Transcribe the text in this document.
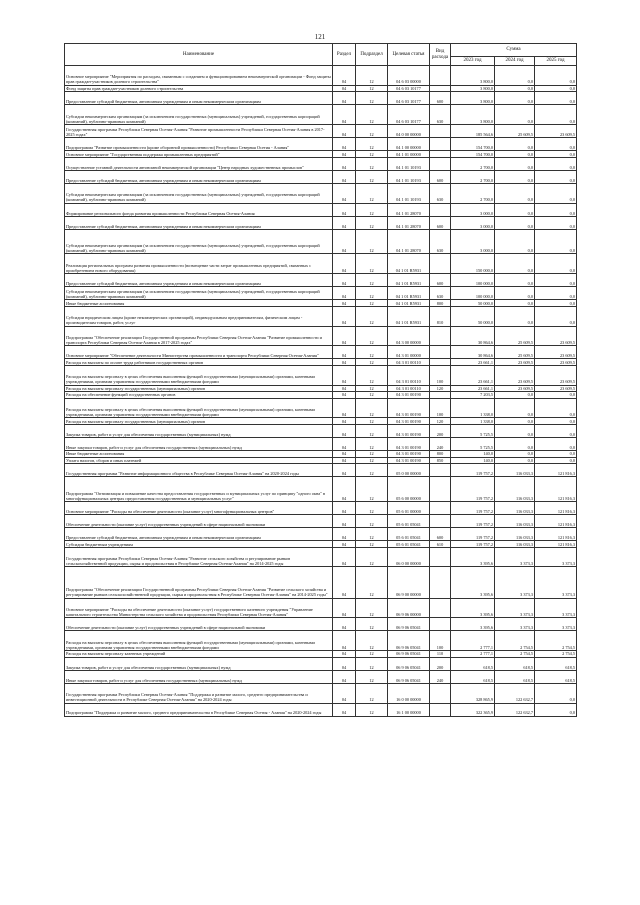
121
Наименование	Раздел	Подраздел	Целевая статья	Вид расхода	Сумма		
					2023 год	2024 год	2025 год
Основное мероприятие "Мероприятия по расходам, связанным с созданием и функционированием некоммерческой организации - Фонд защиты прав граждан-участников долевого строительства"	04	12	04 6 03 00000		3 800,0	0,0	0,0
Фонд защиты прав граждан-участников долевого строительства	04	12	04 6 03 10177		3 800,0	0,0	0,0
Предоставление субсидий бюджетным, автономным учреждениям и иным некоммерческим организациям	04	12	04 6 03 10177	600	3 800,0	0,0	0,0
Субсидии некоммерческим организациям (за исключением государственных (муниципальных) учреждений, государственных корпораций (компаний), публично-правовых компаний)	04	12	04 6 03 10177	630	3 800,0	0,0	0,0
Государственная программа Республики Северная Осетия-Алания "Развитие промышленности Республики Северная Осетия-Алания в 2017-2025 годах"	04	12	04 0 00 00000		185 564,6	25 609,5	23 609,5
Подпрограмма "Развитие промышленности (кроме оборонной промышленности) Республики Северная Осетия - Алания"	04	12	04 1 00 00000		154 700,0	0,0	0,0
Основное мероприятие "Государственная поддержка промышленных предприятий"	04	12	04 1 01 00000		154 700,0	0,0	0,0
Осуществление уставной деятельности автономной некоммерческой организации "Центр народных художественных промыслов"	04	12	04 1 01 10193		2 700,0	0,0	0,0
Предоставление субсидий бюджетным, автономным учреждениям и иным некоммерческим организациям	04	12	04 1 01 10193	600	2 700,0	0,0	0,0
Субсидии некоммерческим организациям (за исключением государственных (муниципальных) учреждений, государственных корпораций (компаний), публично-правовых компаний)	04	12	04 1 01 10193	630	2 700,0	0,0	0,0
Формирование регионального фонда развития промышленности Республики Северная Осетия-Алания	04	12	04 1 01 28070		3 000,0	0,0	0,0
Предоставление субсидий бюджетным, автономным учреждениям и иным некоммерческим организациям	04	12	04 1 01 28070	600	3 000,0	0,0	0,0
Субсидии некоммерческим организациям (за исключением государственных (муниципальных) учреждений, государственных корпораций (компаний), публично-правовых компаний)	04	12	04 1 01 28070	630	3 000,0	0,0	0,0
Реализация региональных программ развития промышленности (возмещение части затрат промышленных предприятий, связанных с приобретением нового оборудования)	04	12	04 1 01 R5931		150 000,0	0,0	0,0
Предоставление субсидий бюджетным, автономным учреждениям и иным некоммерческим организациям	04	12	04 1 01 R5931	600	100 000,0	0,0	0,0
Субсидии некоммерческим организациям (за исключением государственных (муниципальных) учреждений, государственных корпораций (компаний), публично-правовых компаний)	04	12	04 1 01 R5931	630	100 000,0	0,0	0,0
Иные бюджетные ассигнования	04	12	04 1 01 R5931	800	50 000,0	0,0	0,0
Субсидии юридическим лицам (кроме некоммерческих организаций), индивидуальным предпринимателям, физическим лицам - производителям товаров, работ, услуг	04	12	04 1 01 R5931	810	50 000,0	0,0	0,0
Подпрограмма "Обеспечение реализации Государственной программы Республики Северная Осетия-Алания "Развитие промышленности и транспорта Республики Северная Осетия-Алания в 2017-2025 годах"	04	12	04 3 00 00000		30 864,6	25 609,5	23 609,5
Основное мероприятие "Обеспечение деятельности Министерства промышленности и транспорта Республики Северная Осетия-Алания"	04	12	04 3 01 00000		30 864,6	25 609,5	23 609,5
Расходы на выплаты по оплате труда работников государственных органов	04	12	04 3 01 00110		23 661,1	23 609,5	23 609,5
Расходы на выплаты персоналу в целях обеспечения выполнения функций государственными (муниципальными) органами, казенными учреждениями, органами управления государственными внебюджетными фондами	04	12	04 3 01 00110	100	23 661,1	23 609,5	23 609,5
Расходы на выплаты персоналу государственных (муниципальных) органов	04	12	04 3 01 00110	120	23 661,1	23 609,5	23 609,5
Расходы на обеспечение функций государственных органов	04	12	04 3 01 00190		7 203,5	0,0	0,0
Расходы на выплаты персоналу в целях обеспечения выполнения функций государственными (муниципальными) органами, казенными учреждениями, органами управления государственными внебюджетными фондами	04	12	04 3 01 00190	100	1 338,0	0,0	0,0
Расходы на выплаты персоналу государственных (муниципальных) органов	04	12	04 3 01 00190	120	1 338,0	0,0	0,0
Закупка товаров, работ и услуг для обеспечения государственных (муниципальных) нужд	04	12	04 3 01 00190	200	5 725,5	0,0	0,0
Иные закупки товаров, работ и услуг для обеспечения государственных (муниципальных) нужд	04	12	04 3 01 00190	240	5 725,5	0,0	0,0
Иные бюджетные ассигнования	04	12	04 3 01 00190	800	140,0	0,0	0,0
Уплата налогов, сборов и иных платежей	04	12	04 3 01 00190	850	140,0	0,0	0,0
Государственная программа "Развитие информационного общества в Республике Северная Осетия-Алания" на 2020-2024 годы	04	12	05 0 00 00000		119 757,2	116 033,3	121 816,3
Подпрограмма "Оптимизация и повышение качества предоставления государственных и муниципальных услуг по принципу "одного окна" в многофункциональных центрах предоставления государственных и муниципальных услуг"	04	12	05 6 00 00000		119 757,2	116 033,3	121 816,3
Основное мероприятие "Расходы на обеспечение деятельности (оказание услуг) многофункциональных центров"	04	12	05 6 01 00000		119 757,2	116 033,3	121 816,3
Обеспечение деятельности (оказание услуг) государственных учреждений в сфере национальной экономики	04	12	05 6 01 05041		119 757,2	116 033,3	121 816,3
Предоставление субсидий бюджетным, автономным учреждениям и иным некоммерческим организациям	04	12	05 6 01 05041	600	119 757,2	116 033,3	121 816,3
Субсидии бюджетным учреждениям	04	12	05 6 01 05041	610	119 757,2	116 033,3	121 816,3
Государственная программа Республики Северная Осетия-Алания "Развитие сельского хозяйства и регулирование рынков сельскохозяйственной продукции, сырья и продовольствия в Республике Северная Осетия-Алания" на 2014-2025 годы	04	12	06 0 00 00000		3 395,6	3 373,3	3 373,3
Подпрограмма "Обеспечение реализации Государственной программы Республики Северная Осетия-Алания "Развитие сельского хозяйства и регулирование рынков сельскохозяйственной продукции, сырья и продовольствия в Республике Северная Осетия-Алания" на 2014-2025 годы"	04	12	06 9 00 00000		3 395,6	3 373,3	3 373,3
Основное мероприятие "Расходы на обеспечение деятельности (оказание услуг) государственного казенного учреждения "Управление капитального строительства Министерства сельского хозяйства и продовольствия Республики Северная Осетия-Алания"	04	12	06 9 06 00000		3 395,6	3 373,3	3 373,3
Обеспечение деятельности (оказание услуг) государственных учреждений в сфере национальной экономики	04	12	06 9 06 05041		3 395,6	3 373,3	3 373,3
Расходы на выплаты персоналу в целях обеспечения выполнения функций государственными (муниципальными) органами, казенными учреждениями, органами управления государственными внебюджетными фондами	04	12	06 9 06 05041	100	2 777,1	2 754,5	2 754,5
Расходы на выплаты персоналу казенных учреждений	04	12	06 9 06 05041	110	2 777,1	2 754,5	2 754,5
Закупка товаров, работ и услуг для обеспечения государственных (муниципальных) нужд	04	12	06 9 06 05041	200	618,5	618,5	618,5
Иные закупки товаров, работ и услуг для обеспечения государственных (муниципальных) нужд	04	12	06 9 06 05041	240	618,5	618,5	618,5
Государственная программа Республики Северная Осетия-Алания "Поддержка и развитие малого, среднего предпринимательства и инвестиционной деятельности в Республике Северная Осетия-Алания" на 2020-2024 годы	04	12	16 0 00 00000		328 865,9	122 632,7	0,0
Подпрограмма "Поддержка и развитие малого, среднего предпринимательства в Республике Северная Осетия - Алания" на 2020-2024 годы	04	12	16 1 00 00000		322 365,9	122 632,7	0,0
